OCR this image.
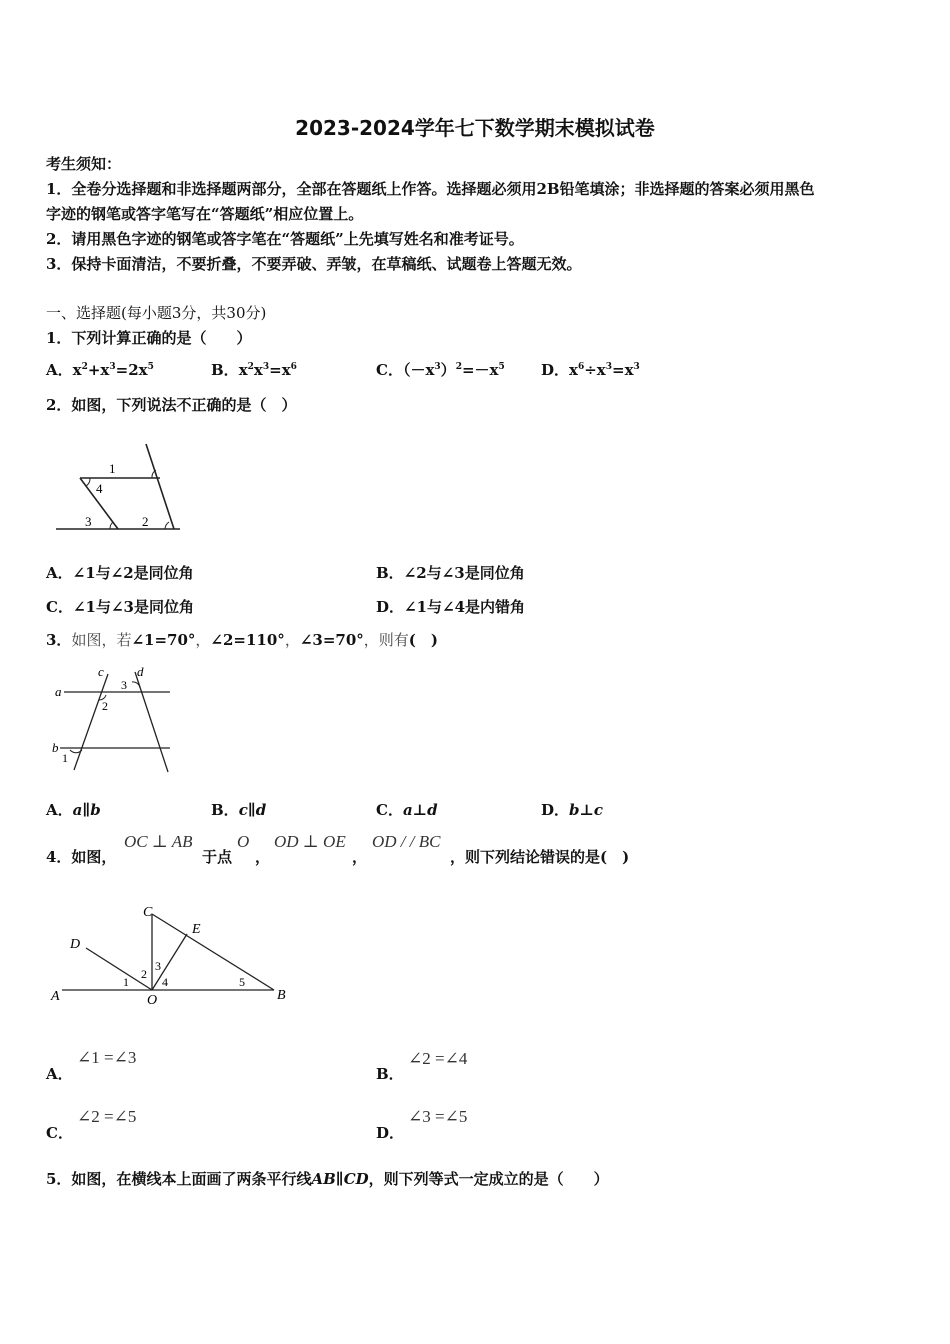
2023-2024学年七下数学期末模拟试卷
考生须知：
1．全卷分选择题和非选择题两部分，全部在答题纸上作答。选择题必须用2B铅笔填涂；非选择题的答案必须用黑色
字迹的钢笔或答字笔写在“答题纸”相应位置上。
2．请用黑色字迹的钢笔或答字笔在“答题纸”上先填写姓名和准考证号。
3．保持卡面清洁，不要折叠，不要弄破、弄皱，在草稿纸、试题卷上答题无效。
一、选择题(每小题3分，共30分)
1．下列计算正确的是（　　）
A．$x^2+x^3=2x^5$	B．$x^2x^3=x^6$	C．$(-x^3)^2=-x^5$ D．$x^6\div x^3=x^3$
2．如图，下列说法不正确的是（　）
1
4
3	2
A．∠1与∠2是同位角	B．∠2与∠3是同位角
C．∠1与∠3是同位角	D．∠1与∠4是内错角
3．如图，若∠1=70°，∠2=110°，∠3=70°，则有(　)
c	d
3
a
2
b
1
A．a∥b	B．c∥d	C．a⊥d	D．b⊥c
4．如图，
OC ⊥ AB
于点
O
，
OD ⊥ OE
，
OD / / BC
，则下列结论错误的是(　)
C
E
D
3
2
1	4	5
A	O	B
A．
∠1 =∠3
B．
∠2 =∠4
C．
∠2 =∠5
D．
∠3 =∠5
5．如图，在横线本上面画了两条平行线AB∥CD，则下列等式一定成立的是（　　）
